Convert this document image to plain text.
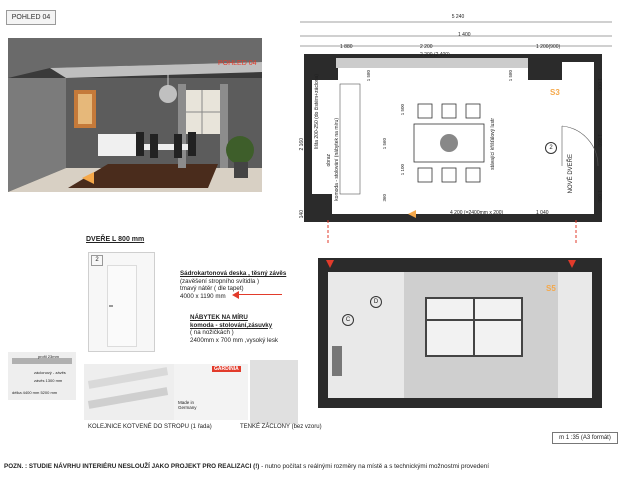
POHLED 04
POHLED 04
5 240
1 880	2 200
1 400
1 200(900)
2 200 (2 400)
4 200 (=2400mm x 200)	1 040
1 000
1 860
1 060
2 160
140
lišta 200-250 (do čistém+záclona)
obraz komoda - stolování (nábytek na míru)	stávající křišťálový lustr
1 500
1 100
1 560
360
1 580	1 580
S3
2
NOVÉ DVEŘE
S5
D
C
DVEŘE L 800 mm
2
Sádrokartonová deska , těsný závěs
(zavěšení stropního svítidla )
tmavý nátěr ( dle tapet)
4000 x 1190 mm
NÁBYTEK NA MÍRU
komoda - stolování,zásuvky
( na nožičkách )
2400mm x 700 mm ,vysoký lesk
profil 23mm
záclonový - závěs
závěs 1300 mm
délka 4400 mm 5200 mm
GARDINIA
Made in Germany
KOLEJNICE KOTVENÉ DO STROPU (1 řada)	TENKÉ ZÁCLONY (bez vzoru)
m 1 :35 (A3 formát)
POZN. : STUDIE NÁVRHU INTERIÉRU NESLOUŽÍ JAKO PROJEKT PRO REALIZACI (!) - nutno počítat s reálnými rozměry na místě a s technickými možnostmi provedení
